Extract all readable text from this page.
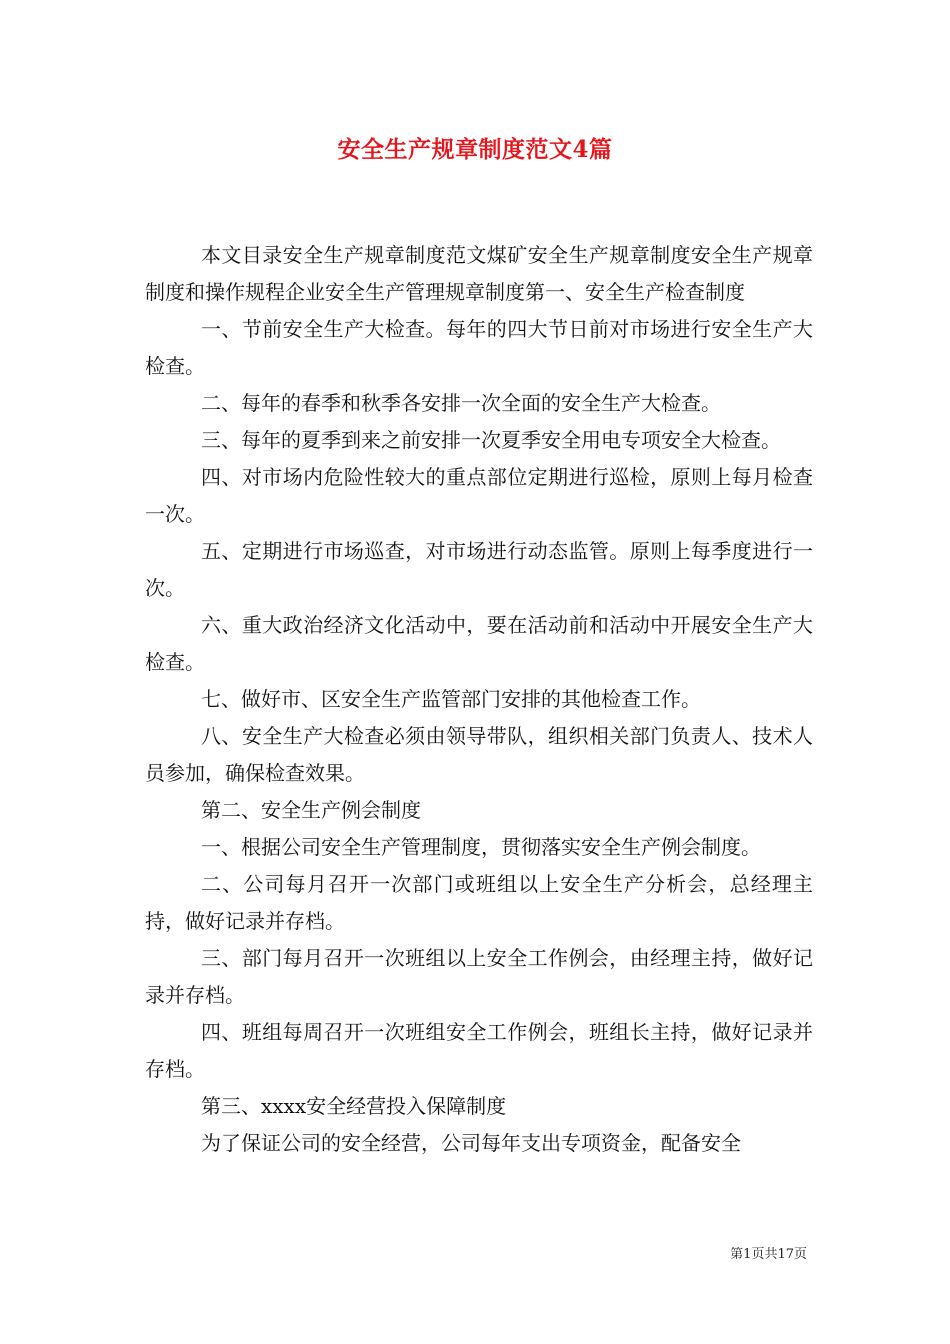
安全生产规章制度范文4篇

本文目录安全生产规章制度范文煤矿安全生产规章制度安全生产规章制度和操作规程企业安全生产管理规章制度第一、安全生产检查制度

一、节前安全生产大检查。每年的四大节日前对市场进行安全生产大检查。

二、每年的春季和秋季各安排一次全面的安全生产大检查。

三、每年的夏季到来之前安排一次夏季安全用电专项安全大检查。

四、对市场内危险性较大的重点部位定期进行巡检，原则上每月检查一次。

五、定期进行市场巡查，对市场进行动态监管。原则上每季度进行一次。

六、重大政治经济文化活动中，要在活动前和活动中开展安全生产大检查。

七、做好市、区安全生产监管部门安排的其他检查工作。

八、安全生产大检查必须由领导带队，组织相关部门负责人、技术人员参加，确保检查效果。

第二、安全生产例会制度

一、根据公司安全生产管理制度，贯彻落实安全生产例会制度。

二、公司每月召开一次部门或班组以上安全生产分析会，总经理主持，做好记录并存档。

三、部门每月召开一次班组以上安全工作例会，由经理主持，做好记录并存档。

四、班组每周召开一次班组安全工作例会，班组长主持，做好记录并存档。

第三、xxxx安全经营投入保障制度

为了保证公司的安全经营，公司每年支出专项资金，配备安全

第1页共17页
